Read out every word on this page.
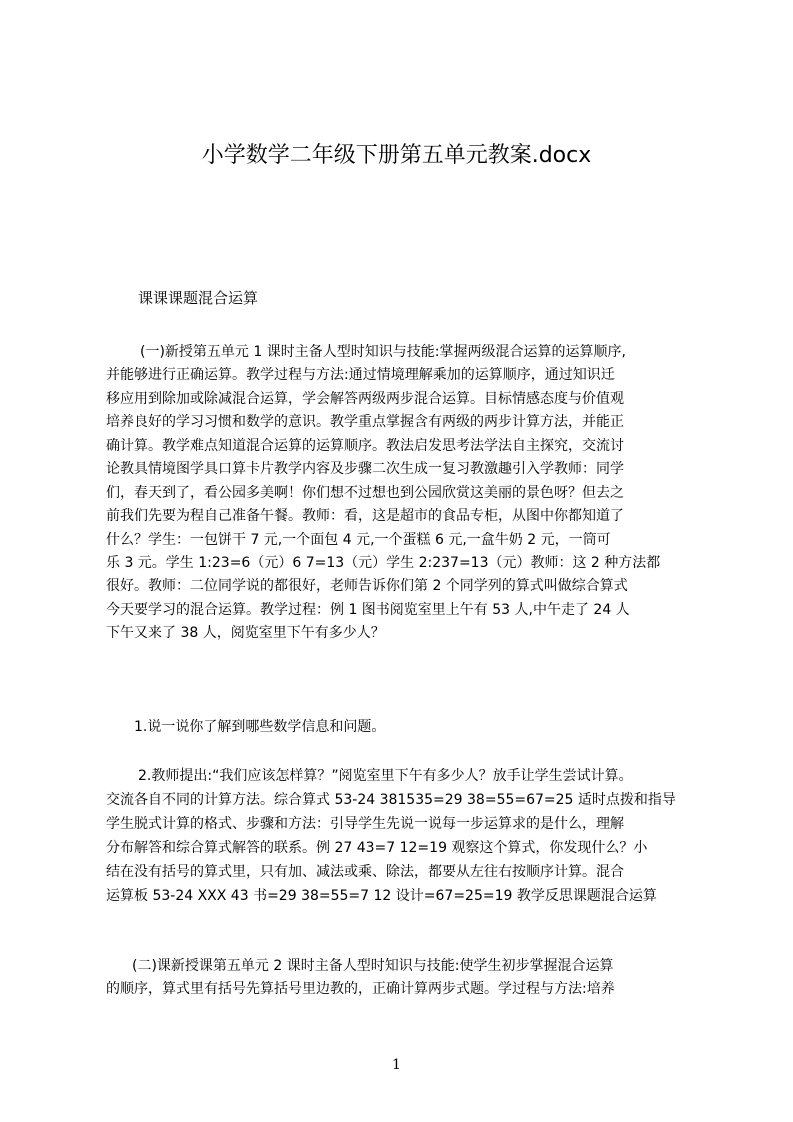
小学数学二年级下册第五单元教案.docx

课课课题混合运算

(一)新授第五单元 1 课时主备人型时知识与技能:掌握两级混合运算的运算顺序,
并能够进行正确运算。教学过程与方法:通过情境理解乘加的运算顺序，通过知识迁
移应用到除加或除减混合运算，学会解答两级两步混合运算。目标情感态度与价值观
培养良好的学习习惯和数学的意识。教学重点掌握含有两级的两步计算方法，并能正
确计算。教学难点知道混合运算的运算顺序。教法启发思考法学法自主探究，交流讨
论教具情境图学具口算卡片教学内容及步骤二次生成一复习教激趣引入学教师：同学
们，春天到了，看公园多美啊！你们想不过想也到公园欣赏这美丽的景色呀？但去之
前我们先要为程自己准备午餐。教师：看，这是超市的食品专柜，从图中你都知道了
什么？学生：一包饼干 7 元,一个面包 4 元,一个蛋糕 6 元,一盒牛奶 2 元，一筒可
乐 3 元。学生 1:23=6（元）6 7=13（元）学生 2:237=13（元）教师：这 2 种方法都
很好。教师：二位同学说的都很好，老师告诉你们第 2 个同学列的算式叫做综合算式
今天要学习的混合运算。教学过程：例 1 图书阅览室里上午有 53 人,中午走了 24 人
下午又来了 38 人，阅览室里下午有多少人？
1.说一说你了解到哪些数学信息和问题。
2.教师提出:“我们应该怎样算？”阅览室里下午有多少人？放手让学生尝试计算。
交流各自不同的计算方法。综合算式 53-24 381535=29 38=55=67=25 适时点拨和指导
学生脱式计算的格式、步骤和方法：引导学生先说一说每一步运算求的是什么，理解
分布解答和综合算式解答的联系。例 27 43=7 12=19 观察这个算式，你发现什么？小
结在没有括号的算式里，只有加、减法或乘、除法，都要从左往右按顺序计算。混合
运算板 53-24 XXX 43 书=29 38=55=7 12 设计=67=25=19 教学反思课题混合运算
(二)课新授课第五单元 2 课时主备人型时知识与技能:使学生初步掌握混合运算
的顺序，算式里有括号先算括号里边教的，正确计算两步式题。学过程与方法:培养

1
